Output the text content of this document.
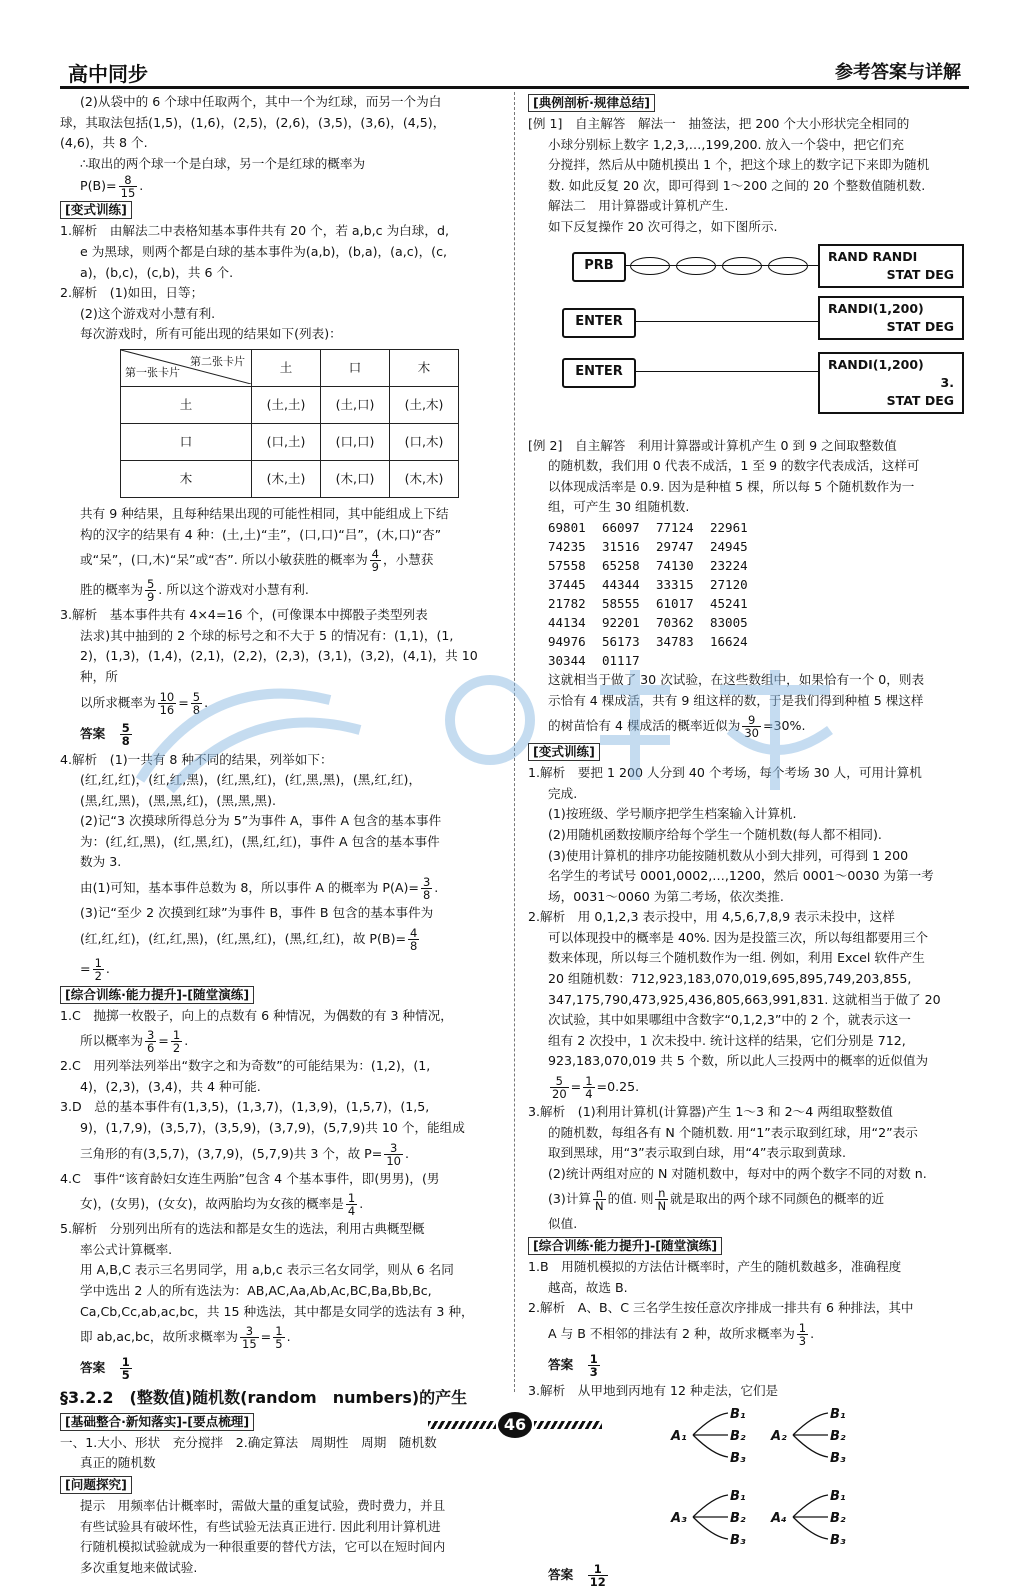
高中同步	参考答案与详解

(2)从袋中的 6 个球中任取两个，其中一个为红球，而另一个为白

球，其取法包括(1,5)，(1,6)，(2,5)，(2,6)，(3,5)，(3,6)，(4,5)，

(4,6)，共 8 个.

∴取出的两个球一个是白球，另一个是红球的概率为

$P(B)= \frac{8}{15}$ .

[变式训练]

1.解析　由解法二中表格知基本事件共有 20 个，若 a,b,c 为白球，d,

e 为黑球，则两个都是白球的基本事件为(a,b)，(b,a)，(a,c)，(c,

a)，(b,c)，(c,b)，共 6 个.

2.解析　(1)如田，日等；

(2)这个游戏对小慧有利.

每次游戏时，所有可能出现的结果如下(列表)：

第二张卡片
第一张卡片	土	口	木
土	(土,土)	(土,口)	(土,木)
口	(口,土)	(口,口)	(口,木)
木	(木,土)	(木,口)	(木,木)

共有 9 种结果，且每种结果出现的可能性相同，其中能组成上下结

构的汉字的结果有 4 种：(土,土)“圭”，(口,口)“吕”，(木,口)“杏”

或“呆”，(口,木)“呆”或“杏”. 所以小敏获胜的概率为 $\frac{4}{9}$ ，小慧获

胜的概率为 $\frac{5}{9}$ . 所以这个游戏对小慧有利.

3.解析　基本事件共有 4×4=16 个，(可像课本中掷骰子类型列表

法求)其中抽到的 2 个球的标号之和不大于 5 的情况有：(1,1)，(1,

2)，(1,3)，(1,4)，(2,1)，(2,2)，(2,3)，(3,1)，(3,2)，(4,1)，共 10 种，所

以所求概率为 $\frac{10}{16} = \frac{5}{8}$ .

答案　 $\frac{5}{8}$

4.解析　(1)一共有 8 种不同的结果，列举如下：

(红,红,红)，(红,红,黑)，(红,黑,红)，(红,黑,黑)，(黑,红,红)，

(黑,红,黑)，(黑,黑,红)，(黑,黑,黑).

(2)记“3 次摸球所得总分为 5”为事件 A，事件 A 包含的基本事件

为：(红,红,黑)，(红,黑,红)，(黑,红,红)，事件 A 包含的基本事件

数为 3.

由(1)可知，基本事件总数为 8，所以事件 A 的概率为 $P(A)= \frac{3}{8}$ .

(3)记“至少 2 次摸到红球”为事件 B，事件 B 包含的基本事件为

(红,红,红)，(红,红,黑)，(红,黑,红)，(黑,红,红)，故 $P(B)= \frac{4}{8}$

= $\frac{1}{2}$ .

[综合训练·能力提升]-[随堂演练]

1.C　抛掷一枚骰子，向上的点数有 6 种情况，为偶数的有 3 种情况，

所以概率为 $\frac{3}{6} = \frac{1}{2}$ .

2.C　用列举法列举出“数字之和为奇数”的可能结果为：(1,2)，(1,

4)，(2,3)，(3,4)，共 4 种可能.

3.D　总的基本事件有(1,3,5)，(1,3,7)，(1,3,9)，(1,5,7)，(1,5,

9)，(1,7,9)，(3,5,7)，(3,5,9)，(3,7,9)，(5,7,9)共 10 个，能组成

三角形的有(3,5,7)，(3,7,9)，(5,7,9)共 3 个，故 $P= \frac{3}{10}$ .

4.C　事件“该育龄妇女连生两胎”包含 4 个基本事件，即(男男)，(男

女)，(女男)，(女女)，故两胎均为女孩的概率是 $\frac{1}{4}$ .

5.解析　分别列出所有的选法和都是女生的选法，利用古典概型概

率公式计算概率.

用 A,B,C 表示三名男同学，用 a,b,c 表示三名女同学，则从 6 名同

学中选出 2 人的所有选法为：AB,AC,Aa,Ab,Ac,BC,Ba,Bb,Bc,

Ca,Cb,Cc,ab,ac,bc，共 15 种选法，其中都是女同学的选法有 3 种，

即 ab,ac,bc，故所求概率为 $\frac{3}{15} = \frac{1}{5}$ .

答案　 $\frac{1}{5}$

§3.2.2　(整数值)随机数(random　numbers)的产生
[基础整合·新知落实]-[要点梳理]

一、1.大小、形状　充分搅拌　2.确定算法　周期性　周期　随机数

真正的随机数

[问题探究]

提示　用频率估计概率时，需做大量的重复试验，费时费力，并且

有些试验具有破坏性，有些试验无法真正进行. 因此利用计算机进

行随机模拟试验就成为一种很重要的替代方法，它可以在短时间内

多次重复地来做试验.

[典例剖析·规律总结]

[例 1]　自主解答　解法一　抽签法，把 200 个大小形状完全相同的

小球分别标上数字 1,2,3,…,199,200. 放入一个袋中，把它们充

分搅拌，然后从中随机摸出 1 个，把这个球上的数字记下来即为随机

数. 如此反复 20 次，即可得到 1～200 之间的 20 个整数值随机数.

解法二　用计算器或计算机产生.

如下反复操作 20 次可得之，如下图所示.

PRB
RAND RANDI
STAT DEG
ENTER
RANDI(1,200)
STAT DEG
ENTER
RANDI(1,200)
3.
STAT DEG

[例 2]　自主解答　利用计算器或计算机产生 0 到 9 之间取整数值

的随机数，我们用 0 代表不成活，1 至 9 的数字代表成活，这样可

以体现成活率是 0.9. 因为是种植 5 棵，所以每 5 个随机数作为一

组，可产生 30 组随机数.

69801 66097 77124 22961
74235 31516 29747 24945
57558 65258 74130 23224
37445 44344 33315 27120
21782 58555 61017 45241
44134 92201 70362 83005
94976 56173 34783 16624
30344 01117

这就相当于做了 30 次试验，在这些数组中，如果恰有一个 0，则表

示恰有 4 棵成活，共有 9 组这样的数，于是我们得到种植 5 棵这样

的树苗恰有 4 棵成活的概率近似为 $\frac{9}{30} =30\%$.

[变式训练]

1.解析　要把 1 200 人分到 40 个考场，每个考场 30 人，可用计算机

完成.

(1)按班级、学号顺序把学生档案输入计算机.

(2)用随机函数按顺序给每个学生一个随机数(每人都不相同).

(3)使用计算机的排序功能按随机数从小到大排列，可得到 1 200

名学生的考试号 0001,0002,…,1200，然后 0001～0030 为第一考

场，0031～0060 为第二考场，依次类推.

2.解析　用 0,1,2,3 表示投中，用 4,5,6,7,8,9 表示未投中，这样

可以体现投中的概率是 40%. 因为是投篮三次，所以每组都要用三个

数来体现，所以每三个随机数作为一组. 例如，利用 Excel 软件产生

20 组随机数：712,923,183,070,019,695,895,749,203,855,

347,175,790,473,925,436,805,663,991,831. 这就相当于做了 20

次试验，其中如果哪组中含数字“0,1,2,3”中的 2 个，就表示这一

组有 2 次投中，1 次未投中. 统计这样的结果，它们分别是 712,

923,183,070,019 共 5 个数，所以此人三投两中的概率的近似值为

$\frac{5}{20} = \frac{1}{4} =0.25$.

3.解析　(1)利用计算机(计算器)产生 1～3 和 2～4 两组取整数值

的随机数，每组各有 N 个随机数. 用“1”表示取到红球，用“2”表示

取到黑球，用“3”表示取到白球，用“4”表示取到黄球.

(2)统计两组对应的 N 对随机数中，每对中的两个数字不同的对数 n.

(3)计算 $\frac{n}{N}$ 的值. 则 $\frac{n}{N}$ 就是取出的两个球不同颜色的概率的近

似值.

[综合训练·能力提升]-[随堂演练]

1.B　用随机模拟的方法估计概率时，产生的随机数越多，准确程度

越高，故选 B.

2.解析　A、B、C 三名学生按任意次序排成一排共有 6 种排法，其中

A 与 B 不相邻的排法有 2 种，故所求概率为 $\frac{1}{3}$ .

答案　 $\frac{1}{3}$

3.解析　从甲地到丙地有 12 种走法，它们是

A₁	A₂
A₃	A₄
B₁
B₂
B₃
B₁
B₂
B₃
B₁
B₂
B₃
B₁
B₂
B₃

答案　 $\frac{1}{12}$

46
